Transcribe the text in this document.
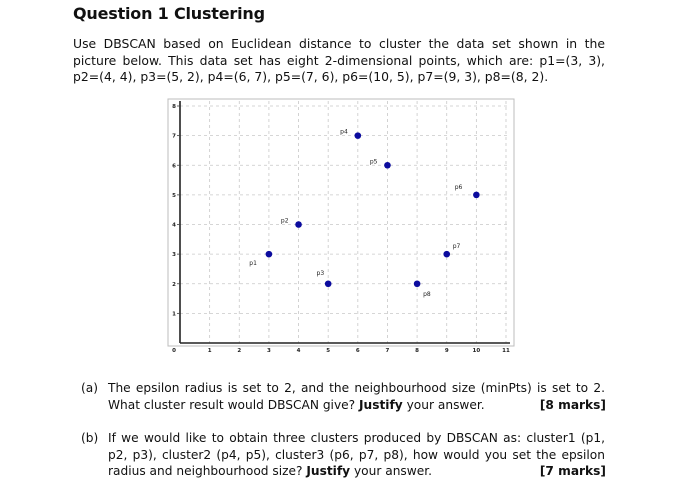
Question 1 Clustering
Use DBSCAN based on Euclidean distance to cluster the data set shown in the picture below. This data set has eight 2-dimensional points, which are: p1=(3, 3), p2=(4, 4), p3=(5, 2), p4=(6, 7), p5=(7, 6), p6=(10, 5), p7=(9, 3), p8=(8, 2).
0	1	2	3	4	5	6	7	8	9	10	11
1
2
3
4
5
6
7
8
p1
p2
p3
p4
p5
p6
p7
p8
(a) The epsilon radius is set to 2, and the neighbourhood size (minPts) is set to 2. What cluster result would DBSCAN give? Justify your answer.	[8 marks]
(b) If we would like to obtain three clusters produced by DBSCAN as: cluster1 (p1, p2, p3), cluster2 (p4, p5), cluster3 (p6, p7, p8), how would you set the epsilon radius and neighbourhood size? Justify your answer.	[7 marks]
